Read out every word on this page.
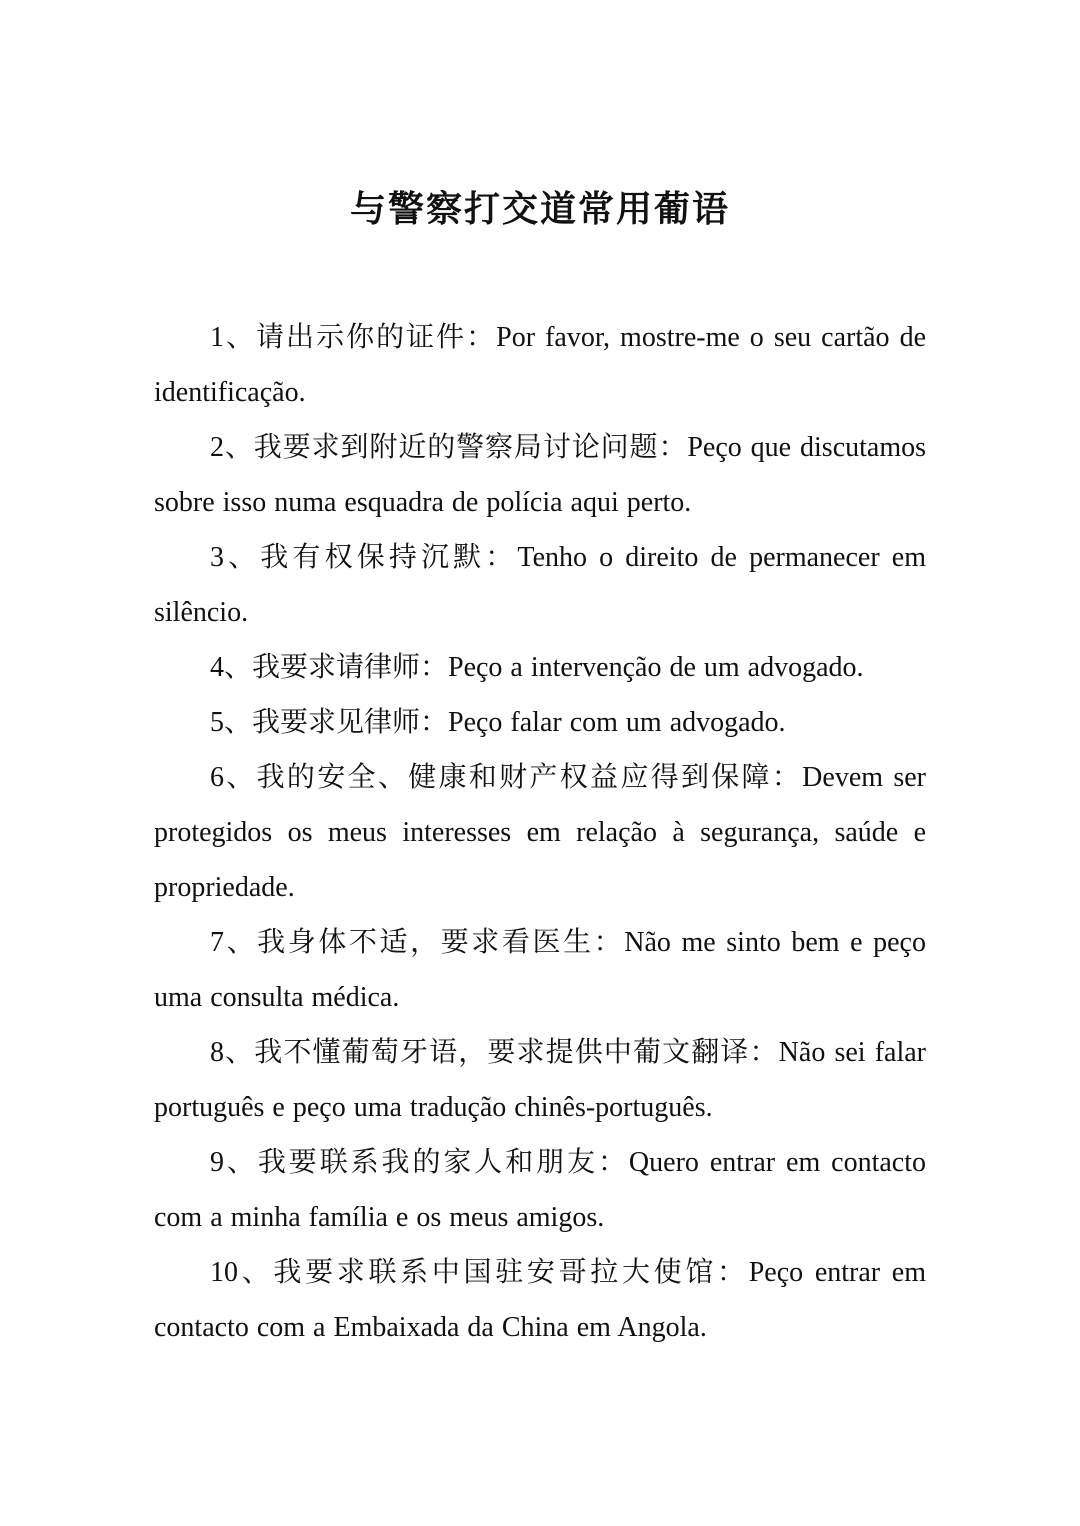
与警察打交道常用葡语

1、请出示你的证件：Por favor, mostre-me o seu cartão de identificação.

2、我要求到附近的警察局讨论问题：Peço que discutamos sobre isso numa esquadra de polícia aqui perto.

3、我有权保持沉默：Tenho o direito de permanecer em silêncio.

4、我要求请律师：Peço a intervenção de um advogado.

5、我要求见律师：Peço falar com um advogado.

6、我的安全、健康和财产权益应得到保障：Devem ser protegidos os meus interesses em relação à segurança, saúde e propriedade.

7、我身体不适，要求看医生：Não me sinto bem e peço uma consulta médica.

8、我不懂葡萄牙语，要求提供中葡文翻译：Não sei falar português e peço uma tradução chinês-português.

9、我要联系我的家人和朋友：Quero entrar em contacto com a minha família e os meus amigos.

10、我要求联系中国驻安哥拉大使馆：Peço entrar em contacto com a Embaixada da China em Angola.
